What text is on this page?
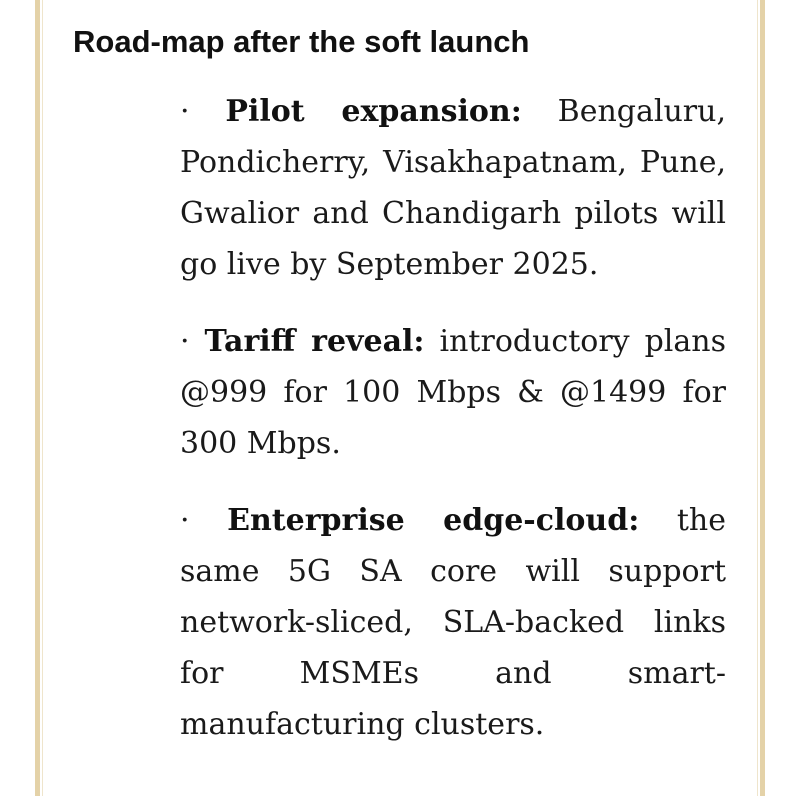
Road-map after the soft launch
· Pilot expansion: Bengaluru, Pondicherry, Visakhapatnam, Pune, Gwalior and Chandigarh pilots will go live by September 2025.
· Tariff reveal: introductory plans @999 for 100 Mbps & @1499 for 300 Mbps.
· Enterprise edge-cloud: the same 5G SA core will support network-sliced, SLA-backed links for MSMEs and smart-manufacturing clusters.
